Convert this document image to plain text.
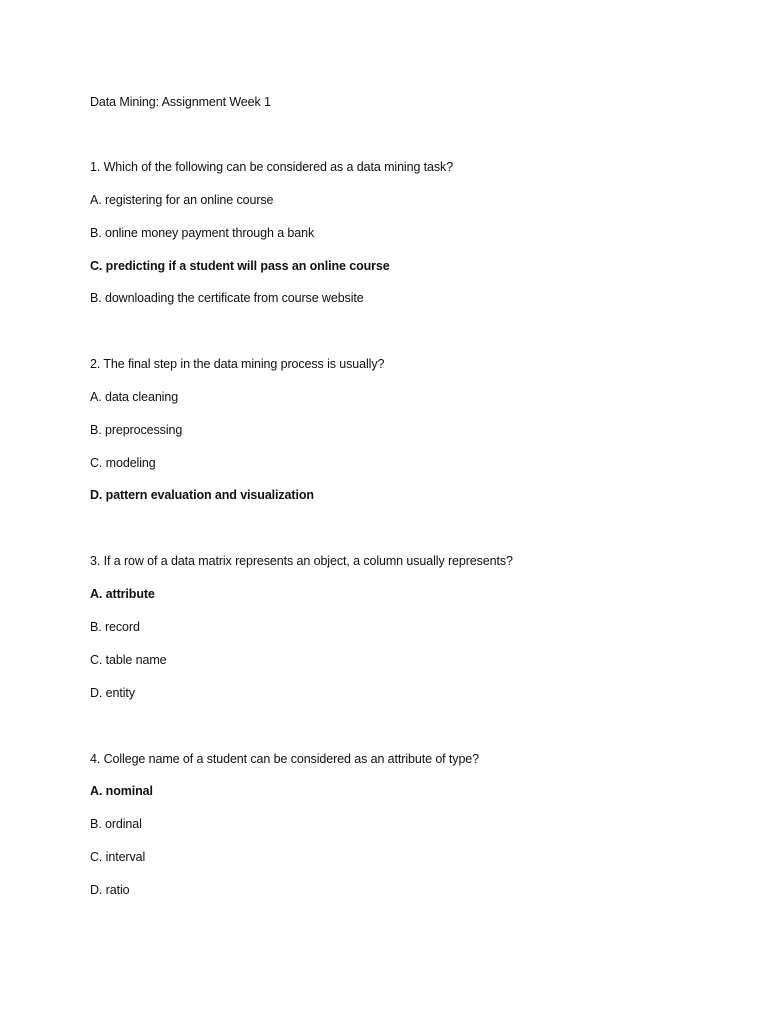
Data Mining: Assignment Week 1
1. Which of the following can be considered as a data mining task?
A. registering for an online course
B. online money payment through a bank
C. predicting if a student will pass an online course
B. downloading the certificate from course website
2. The final step in the data mining process is usually?
A. data cleaning
B. preprocessing
C. modeling
D. pattern evaluation and visualization
3. If a row of a data matrix represents an object, a column usually represents?
A. attribute
B. record
C. table name
D. entity
4. College name of a student can be considered as an attribute of type?
A. nominal
B. ordinal
C. interval
D. ratio
